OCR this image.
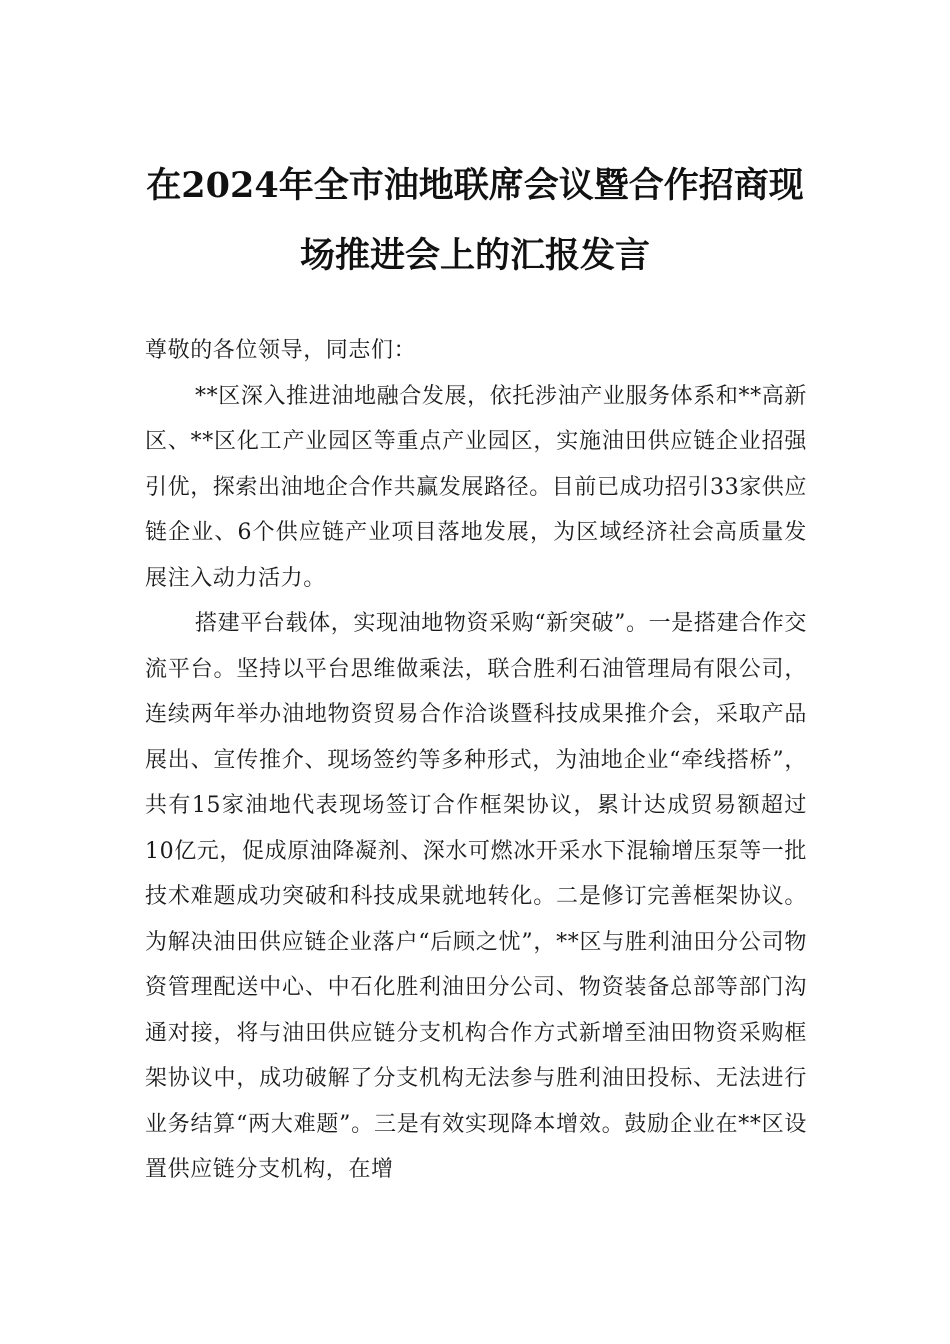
在2024年全市油地联席会议暨合作招商现
场推进会上的汇报发言

尊敬的各位领导，同志们：

**区深入推进油地融合发展，依托涉油产业服务体系和**高新区、**区化工产业园区等重点产业园区，实施油田供应链企业招强引优，探索出油地企合作共赢发展路径。目前已成功招引33家供应链企业、6个供应链产业项目落地发展，为区域经济社会高质量发展注入动力活力。

搭建平台载体，实现油地物资采购“新突破”。一是搭建合作交流平台。坚持以平台思维做乘法，联合胜利石油管理局有限公司，连续两年举办油地物资贸易合作洽谈暨科技成果推介会，采取产品展出、宣传推介、现场签约等多种形式，为油地企业“牵线搭桥”，共有15家油地代表现场签订合作框架协议，累计达成贸易额超过10亿元，促成原油降凝剂、深水可燃冰开采水下混输增压泵等一批技术难题成功突破和科技成果就地转化。二是修订完善框架协议。为解决油田供应链企业落户“后顾之忧”，**区与胜利油田分公司物资管理配送中心、中石化胜利油田分公司、物资装备总部等部门沟通对接，将与油田供应链分支机构合作方式新增至油田物资采购框架协议中，成功破解了分支机构无法参与胜利油田投标、无法进行业务结算“两大难题”。三是有效实现降本增效。鼓励企业在**区设置供应链分支机构，在增
